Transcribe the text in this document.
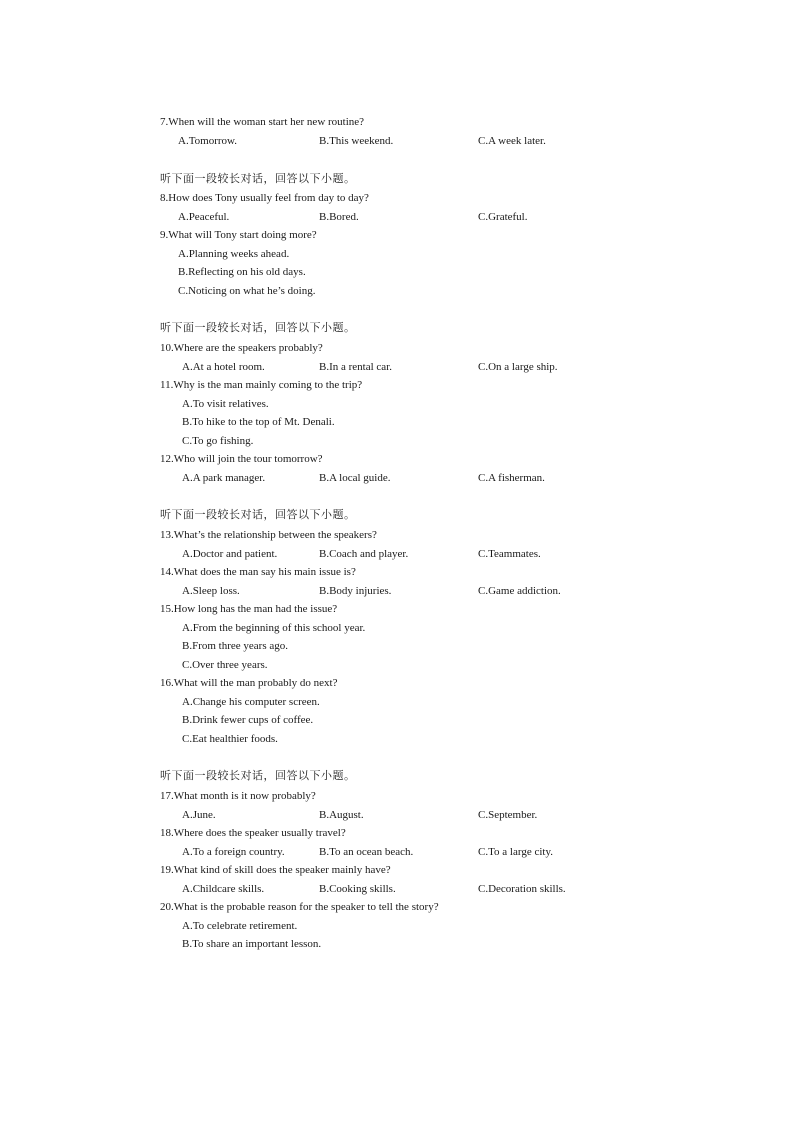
7.When will the woman start her new routine?
A.Tomorrow.	B.This weekend.	C.A week later.
听下面一段较长对话，回答以下小题。
8.How does Tony usually feel from day to day?
A.Peaceful.	B.Bored.	C.Grateful.
9.What will Tony start doing more?
A.Planning weeks ahead.
B.Reflecting on his old days.
C.Noticing on what he’s doing.
听下面一段较长对话，回答以下小题。
10.Where are the speakers probably?
A.At a hotel room.	B.In a rental car.	C.On a large ship.
11.Why is the man mainly coming to the trip?
A.To visit relatives.
B.To hike to the top of Mt. Denali.
C.To go fishing.
12.Who will join the tour tomorrow?
A.A park manager.	B.A local guide.	C.A fisherman.
听下面一段较长对话，回答以下小题。
13.What’s the relationship between the speakers?
A.Doctor and patient.	B.Coach and player.	C.Teammates.
14.What does the man say his main issue is?
A.Sleep loss.	B.Body injuries.	C.Game addiction.
15.How long has the man had the issue?
A.From the beginning of this school year.
B.From three years ago.
C.Over three years.
16.What will the man probably do next?
A.Change his computer screen.
B.Drink fewer cups of coffee.
C.Eat healthier foods.
听下面一段较长对话，回答以下小题。
17.What month is it now probably?
A.June.	B.August.	C.September.
18.Where does the speaker usually travel?
A.To a foreign country.	B.To an ocean beach.	C.To a large city.
19.What kind of skill does the speaker mainly have?
A.Childcare skills.	B.Cooking skills.	C.Decoration skills.
20.What is the probable reason for the speaker to tell the story?
A.To celebrate retirement.
B.To share an important lesson.
